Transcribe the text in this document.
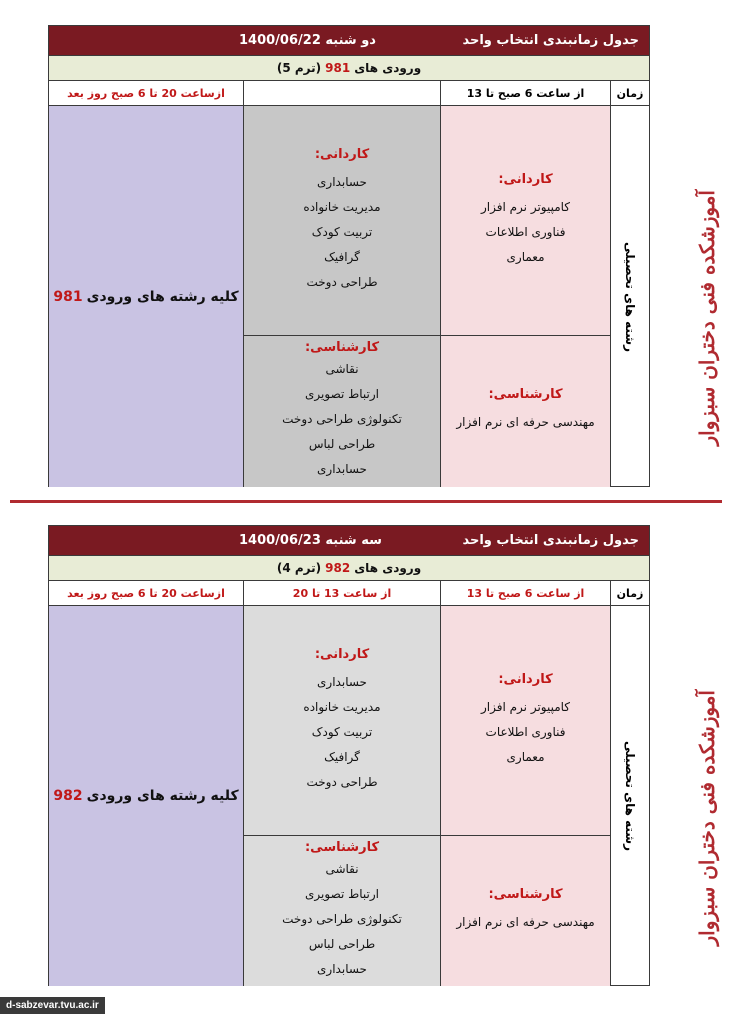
جدول زمانبندی انتخاب واحد
دو شنبه 1400/06/22
ورودی های
981
(ترم 5)
زمان
از ساعت 6 صبح تا 13
ازساعت 20 تا 6 صبح روز بعد
رشته های تحصیلی
کاردانی:
کامپیوتر نرم افزار
فناوری اطلاعات
معماری
کارشناسی:
مهندسی حرفه ای نرم افزار
کاردانی:
حسابداری
مدیریت خانواده
تربیت کودک
گرافیک
طراحی دوخت
کارشناسی:
نقاشی
ارتباط تصویری
تکنولوژی طراحی دوخت
طراحی لباس
حسابداری
کلیه رشته های ورودی981
جدول زمانبندی انتخاب واحد
سه شنبه 1400/06/23
ورودی های
982
(ترم 4)
زمان
از ساعت 6 صبح تا 13
از ساعت 13 تا 20
ازساعت 20 تا 6 صبح روز بعد
رشته های تحصیلی
کاردانی:
کامپیوتر نرم افزار
فناوری اطلاعات
معماری
کارشناسی:
مهندسی حرفه ای نرم افزار
کاردانی:
حسابداری
مدیریت خانواده
تربیت کودک
گرافیک
طراحی دوخت
کارشناسی:
نقاشی
ارتباط تصویری
تکنولوژی طراحی دوخت
طراحی لباس
حسابداری
کلیه رشته های ورودی982
آموزشکده فنی دختران سبزوار
آموزشکده فنی دختران سبزوار
d-sabzevar.tvu.ac.ir
